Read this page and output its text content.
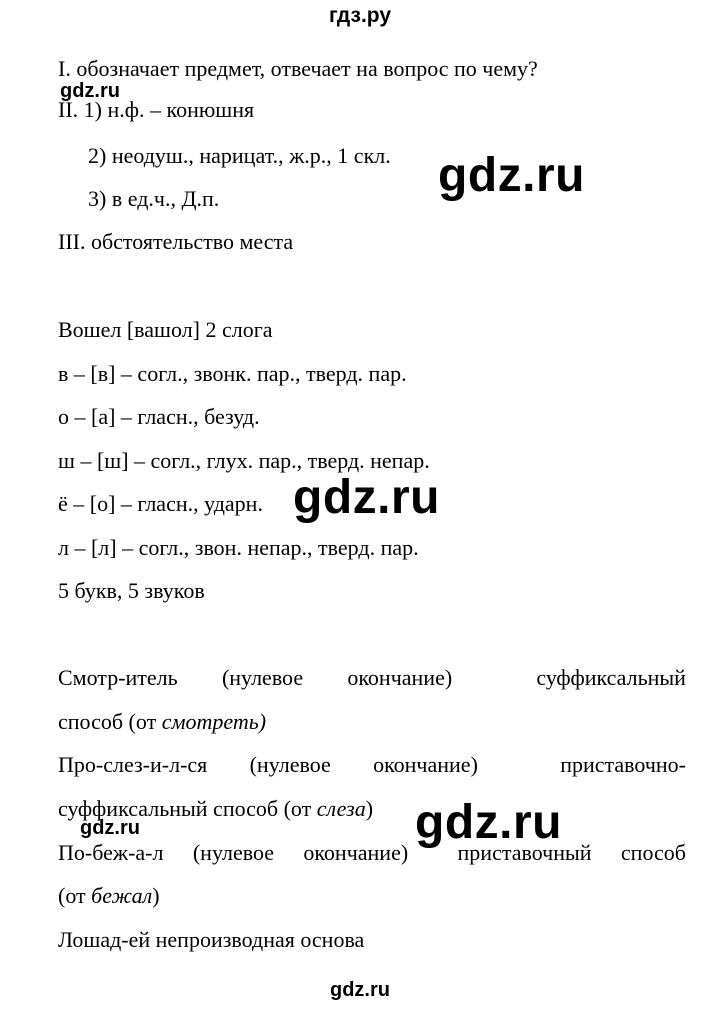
гдз.ру
gdz.ru
I. обозначает предмет, отвечает на вопрос по чему?
II. 1) н.ф. – конюшня
2) неодуш., нарицат., ж.р., 1 скл. gdz.ru
3) в ед.ч., Д.п.
III. обстоятельство места
Вошел [вашол] 2 слога
в – [в] – согл., звонк. пар., тверд. пар.
о – [а] – гласн., безуд.
ш – [ш] – согл., глух. пар., тверд. непар.
ё – [о] – гласн., ударн. gdz.ru
л – [л] – согл., звон. непар., тверд. пар.
5 букв, 5 звуков
Смотр-итель (нулевое окончание)	суффиксальный
способ (от смотреть)
Про-слез-и-л-ся (нулевое окончание)	приставочно-
суффиксальный способ (от слеза) gdz.ru
gdz.ru
По-беж-а-л (нулевое окончание) приставочный способ
(от бежал)
Лошад-ей непроизводная основа
gdz.ru
